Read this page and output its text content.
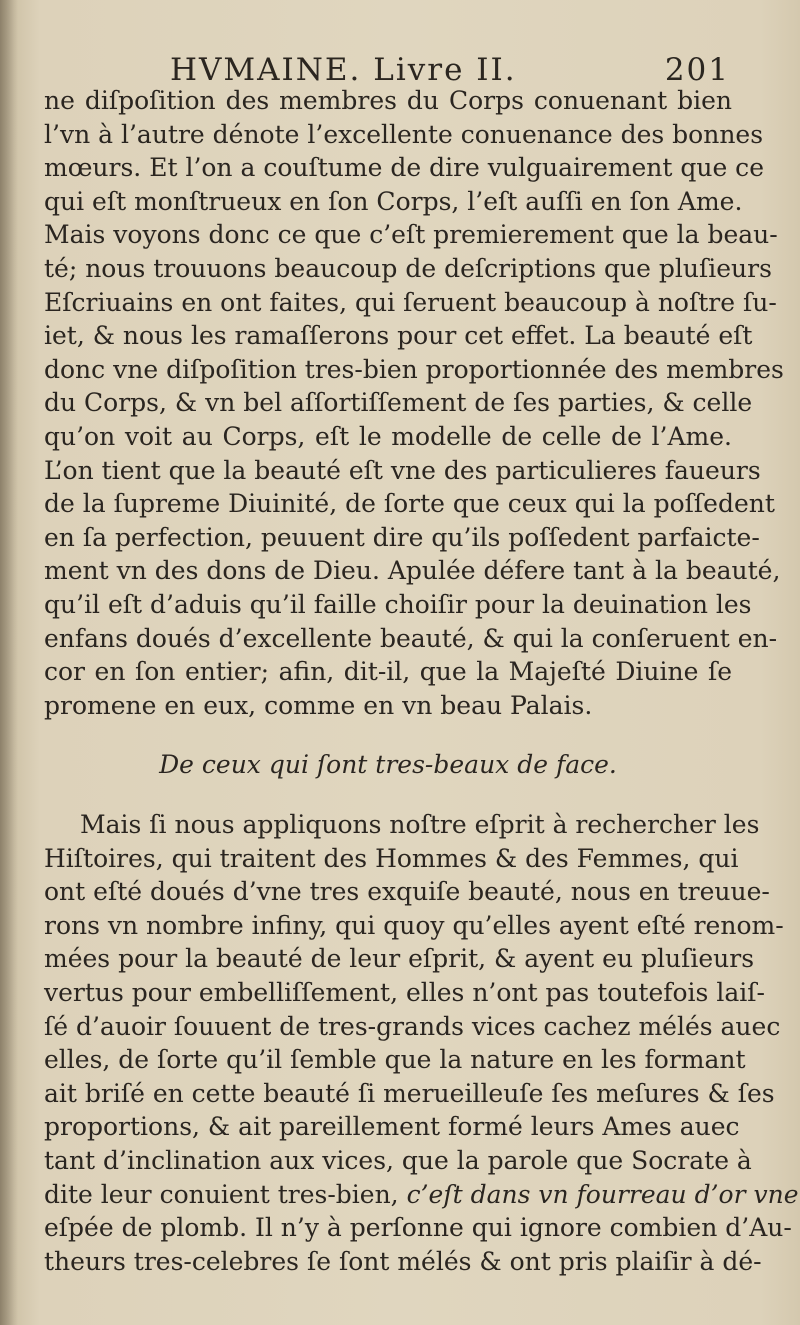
HVMAINE. Livre II.	201
ne diſpoſition des membres du Corps conuenant bien
l’vn à l’autre dénote l’excellente conuenance des bonnes
mœurs. Et l’on a couſtume de dire vulguairement que ce
qui eſt monſtrueux en ſon Corps, l’eſt auſſi en ſon Ame.
Mais voyons donc ce que c’eſt premierement que la beau-
té; nous trouuons beaucoup de deſcriptions que pluſieurs
Eſcriuains en ont faites, qui ſeruent beaucoup à noſtre ſu-
iet, & nous les ramaſſerons pour cet effet. La beauté eſt
donc vne diſpoſition tres-bien proportionnée des membres
du Corps, & vn bel aſſortiſſement de ſes parties, & celle
qu’on voit au Corps, eſt le modelle de celle de l’Ame.
L’on tient que la beauté eſt vne des particulieres faueurs
de la ſupreme Diuinité, de ſorte que ceux qui la poſſedent
en ſa perfection, peuuent dire qu’ils poſſedent parfaicte-
ment vn des dons de Dieu. Apulée défere tant à la beauté,
qu’il eſt d’aduis qu’il faille choiſir pour la deuination les
enfans doués d’excellente beauté, & qui la conſeruent en-
cor en ſon entier; afin, dit-il, que la Majeſté Diuine ſe
promene en eux, comme en vn beau Palais.
De ceux qui ſont tres-beaux de face.
Mais ſi nous appliquons noſtre eſprit à rechercher les
Hiſtoires, qui traitent des Hommes & des Femmes, qui
ont eſté doués d’vne tres exquiſe beauté, nous en treuue-
rons vn nombre infiny, qui quoy qu’elles ayent eſté renom-
mées pour la beauté de leur eſprit, & ayent eu pluſieurs
vertus pour embelliſſement, elles n’ont pas toutefois laiſ-
ſé d’auoir ſouuent de tres-grands vices cachez mélés auec
elles, de ſorte qu’il ſemble que la nature en les formant
ait briſé en cette beauté ſi merueilleuſe ſes meſures & ſes
proportions, & ait pareillement formé leurs Ames auec
tant d’inclination aux vices, que la parole que Socrate à
dite leur conuient tres-bien, c’eſt dans vn fourreau d’or vne
eſpée de plomb. Il n’y à perſonne qui ignore combien d’Au-
theurs tres-celebres ſe ſont mélés & ont pris plaiſir à dé-
